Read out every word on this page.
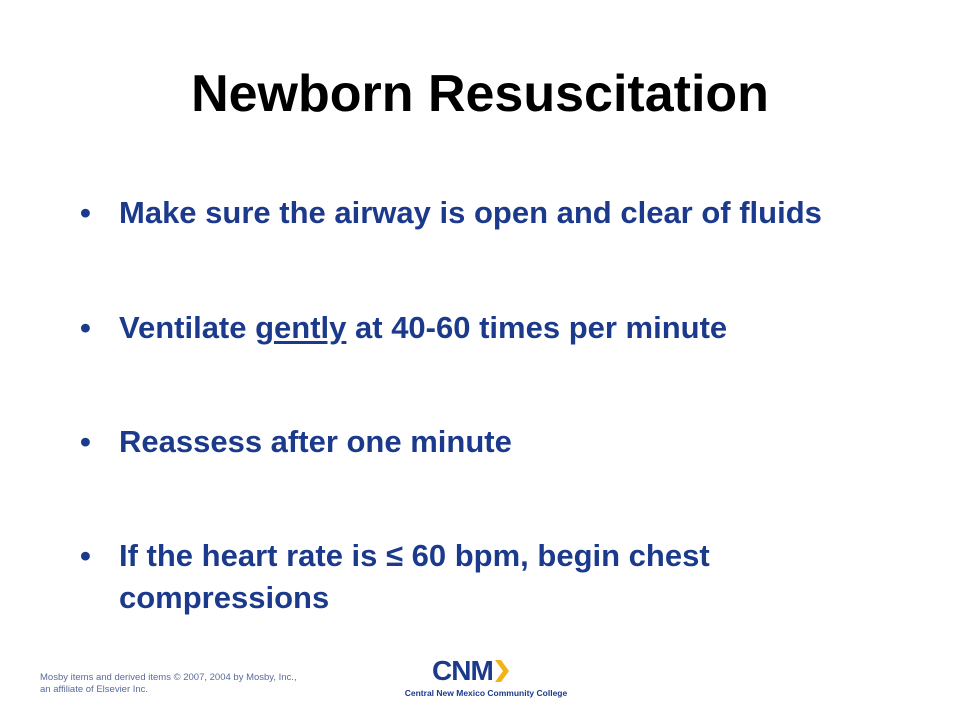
Newborn Resuscitation
• Make sure the airway is open and clear of fluids
• Ventilate gently at 40-60 times per minute
• Reassess after one minute
• If the heart rate is ≤ 60 bpm, begin chest compressions
Mosby items and derived items © 2007, 2004 by Mosby, Inc.,
an affiliate of Elsevier Inc.
CNM
Central New Mexico Community College
